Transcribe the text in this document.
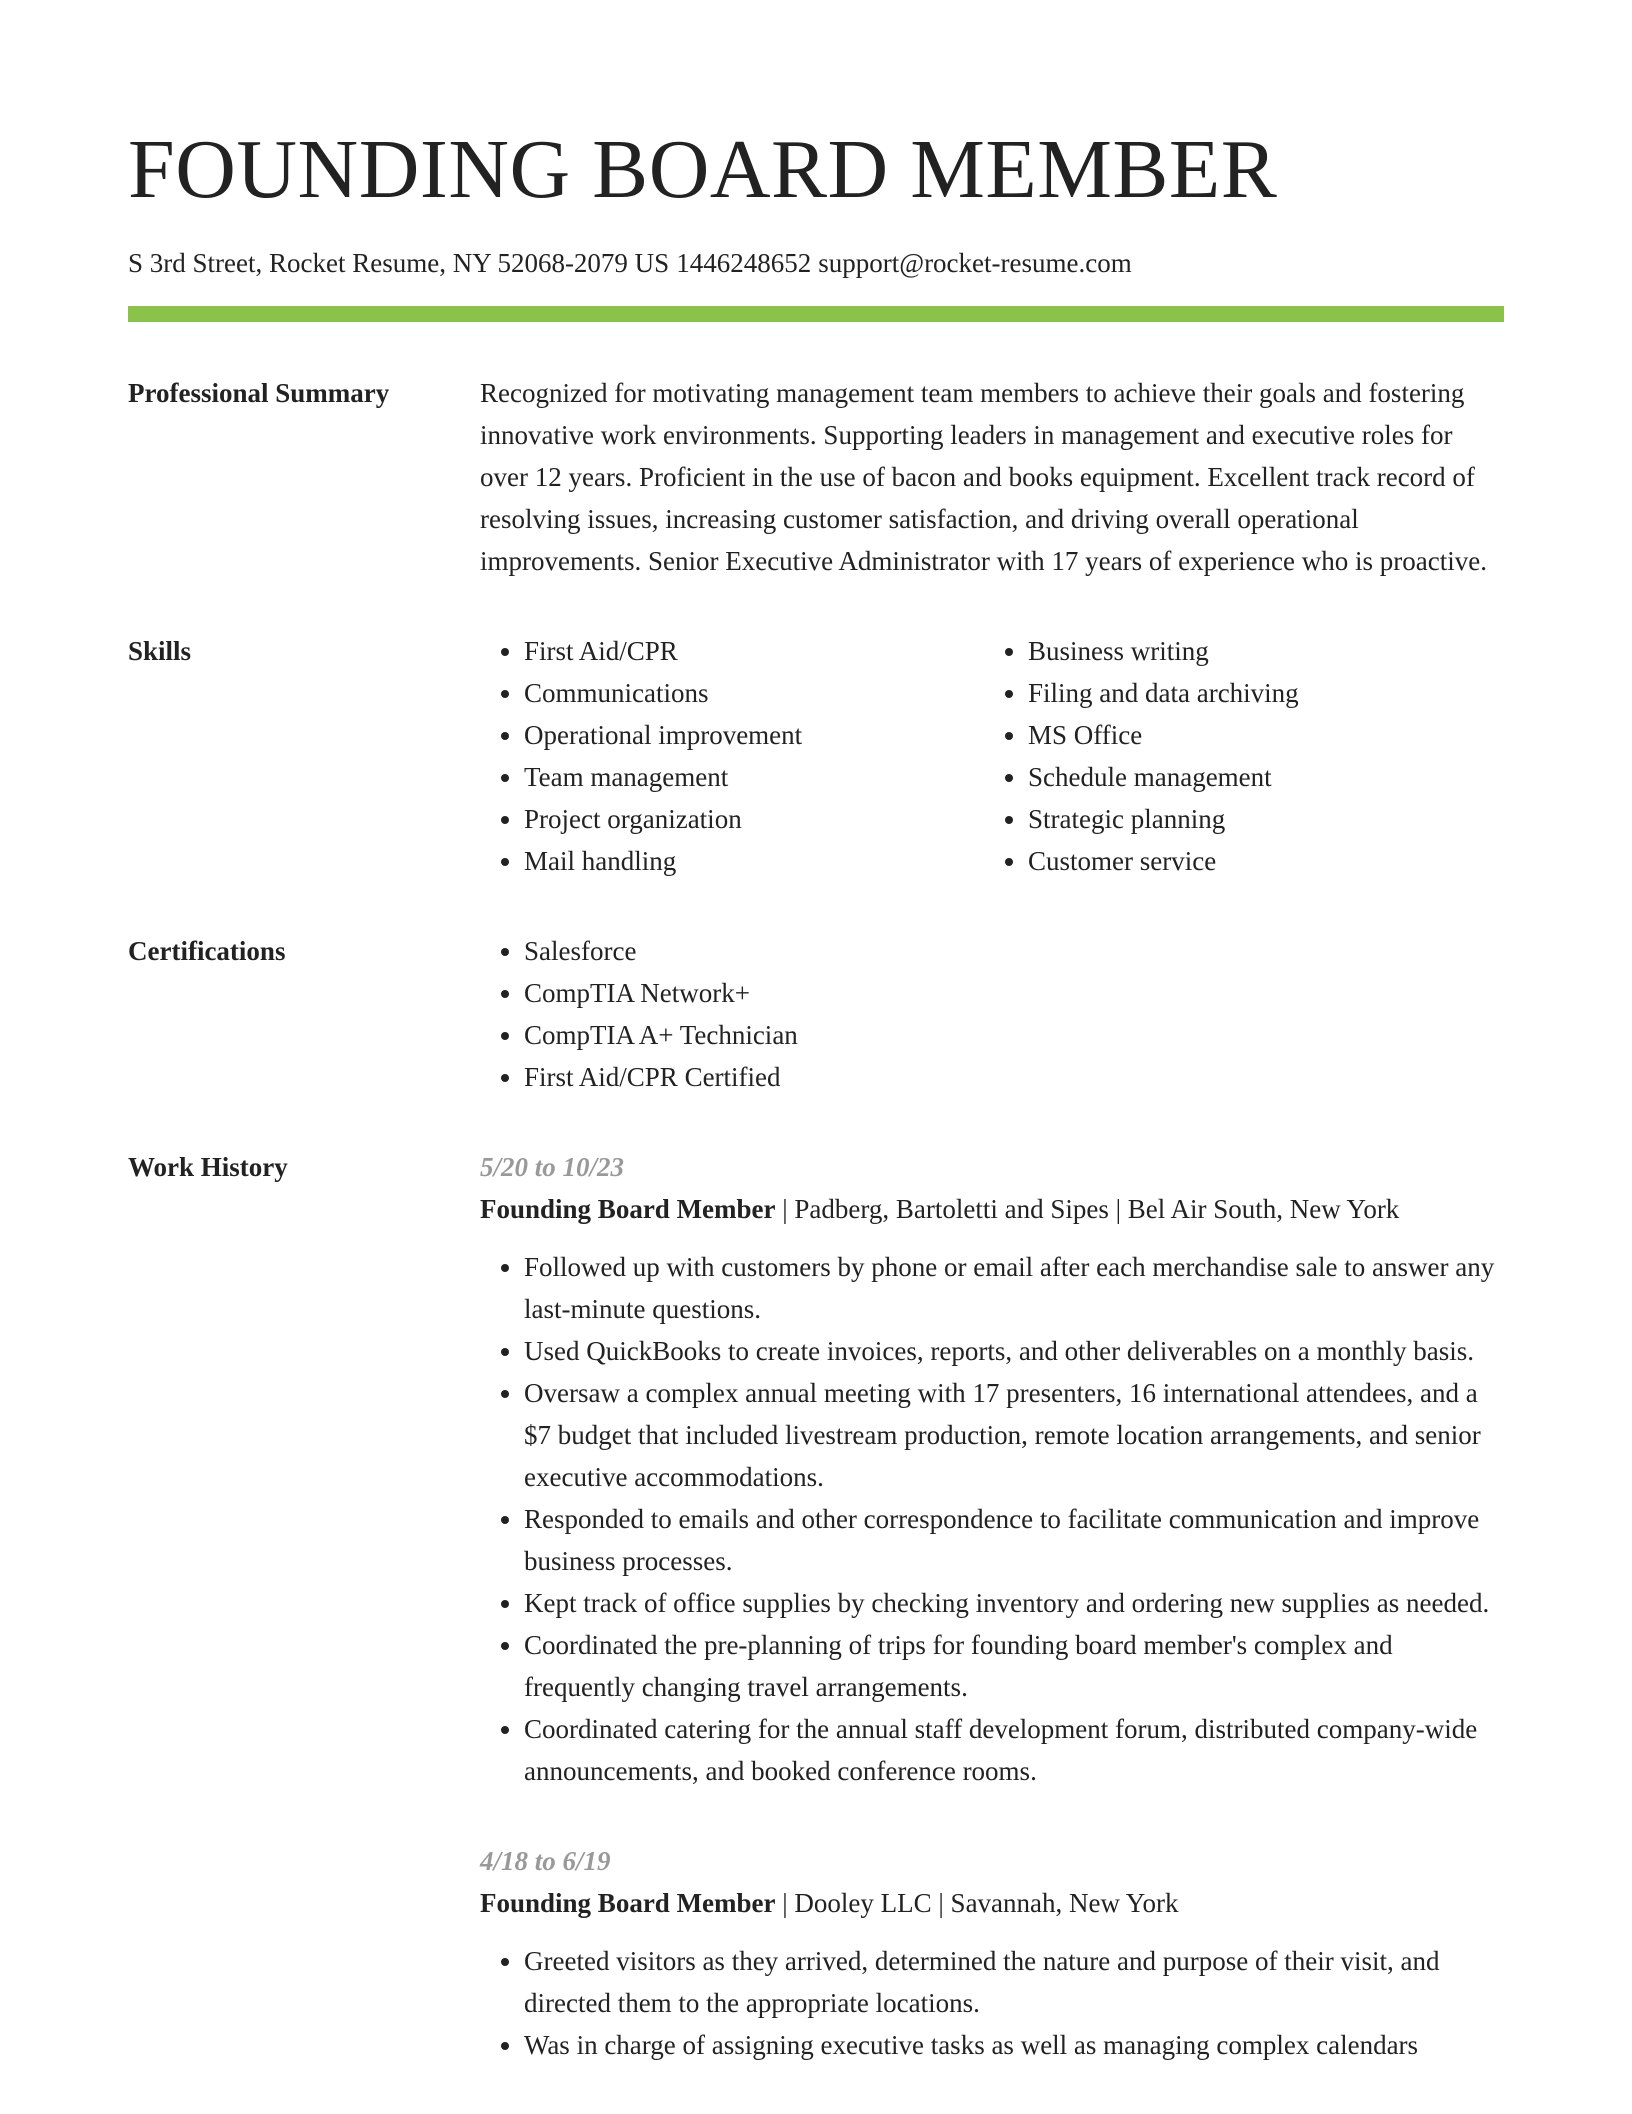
FOUNDING BOARD MEMBER
S 3rd Street, Rocket Resume, NY 52068-2079 US 1446248652 support@rocket-resume.com
Professional Summary	Recognized for motivating management team members to achieve their goals and fostering innovative work environments. Supporting leaders in management and executive roles for over 12 years. Proficient in the use of bacon and books equipment. Excellent track record of resolving issues, increasing customer satisfaction, and driving overall operational improvements. Senior Executive Administrator with 17 years of experience who is proactive.

Skills	• First Aid/CPR
• Communications
• Operational improvement
• Team management
• Project organization
• Mail handling
• Business writing
• Filing and data archiving
• MS Office
• Schedule management
• Strategic planning
• Customer service
Certifications	• Salesforce
• CompTIA Network+
• CompTIA A+ Technician
• First Aid/CPR Certified
Work History	5/20 to 10/23
Founding Board Member | Padberg, Bartoletti and Sipes | Bel Air South, New York
• Followed up with customers by phone or email after each merchandise sale to answer any last-minute questions.
• Used QuickBooks to create invoices, reports, and other deliverables on a monthly basis.
• Oversaw a complex annual meeting with 17 presenters, 16 international attendees, and a $7 budget that included livestream production, remote location arrangements, and senior executive accommodations.
• Responded to emails and other correspondence to facilitate communication and improve business processes.
• Kept track of office supplies by checking inventory and ordering new supplies as needed.
• Coordinated the pre-planning of trips for founding board member's complex and frequently changing travel arrangements.
• Coordinated catering for the annual staff development forum, distributed company-wide announcements, and booked conference rooms.
4/18 to 6/19
Founding Board Member | Dooley LLC | Savannah, New York
• Greeted visitors as they arrived, determined the nature and purpose of their visit, and directed them to the appropriate locations.
• Was in charge of assigning executive tasks as well as managing complex calendars
